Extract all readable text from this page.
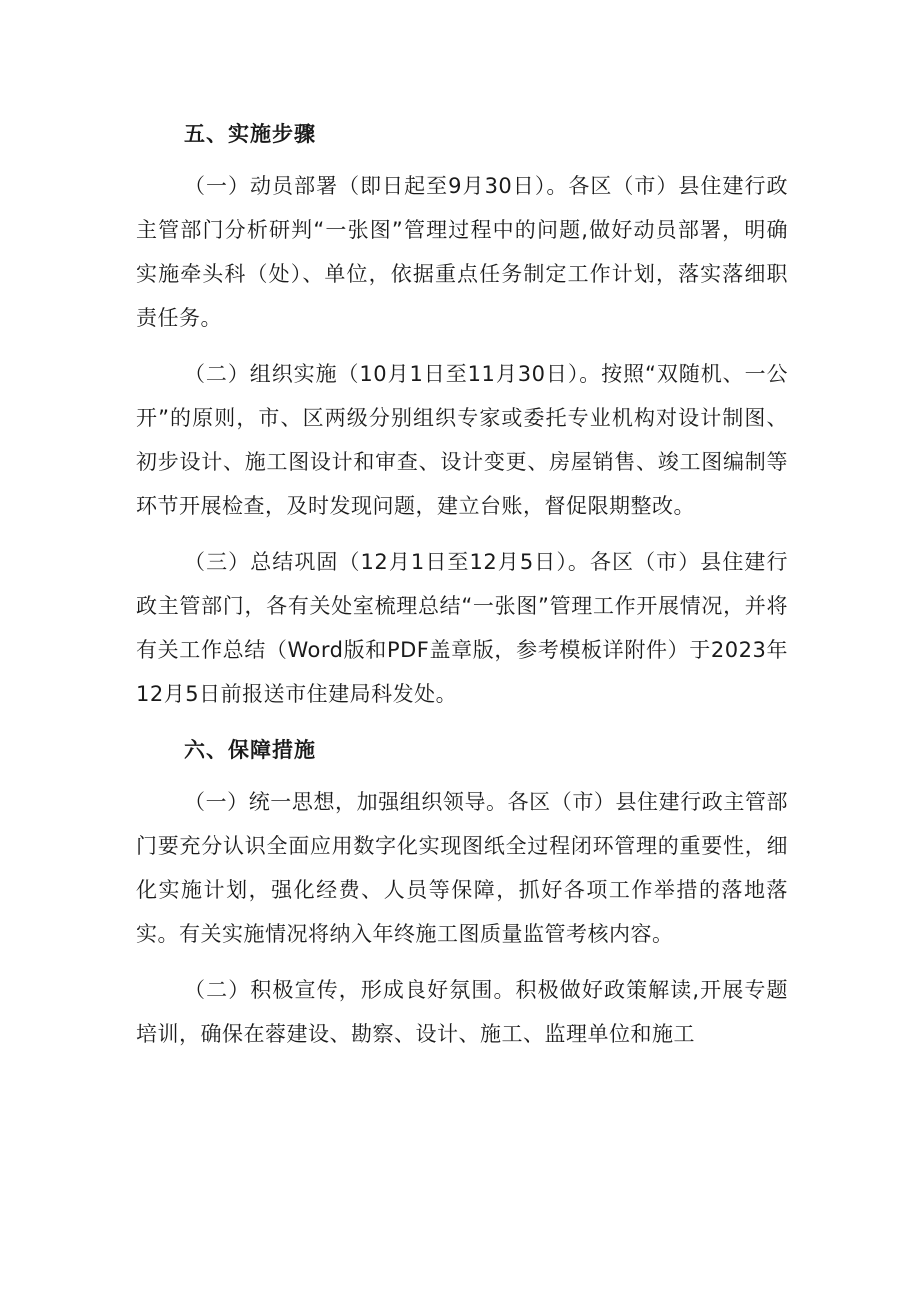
五、实施步骤

（一）动员部署（即日起至9月30日）。各区（市）县住建行政主管部门分析研判“一张图”管理过程中的问题,做好动员部署，明确实施牵头科（处）、单位，依据重点任务制定工作计划，落实落细职责任务。

（二）组织实施（10月1日至11月30日）。按照“双随机、一公开”的原则，市、区两级分别组织专家或委托专业机构对设计制图、初步设计、施工图设计和审查、设计变更、房屋销售、竣工图编制等环节开展检查，及时发现问题，建立台账，督促限期整改。

（三）总结巩固（12月1日至12月5日）。各区（市）县住建行政主管部门，各有关处室梳理总结“一张图”管理工作开展情况，并将有关工作总结（Word版和PDF盖章版，参考模板详附件）于2023年12月5日前报送市住建局科发处。

六、保障措施

（一）统一思想，加强组织领导。各区（市）县住建行政主管部门要充分认识全面应用数字化实现图纸全过程闭环管理的重要性，细化实施计划，强化经费、人员等保障，抓好各项工作举措的落地落实。有关实施情况将纳入年终施工图质量监管考核内容。

（二）积极宣传，形成良好氛围。积极做好政策解读,开展专题培训，确保在蓉建设、勘察、设计、施工、监理单位和施工
